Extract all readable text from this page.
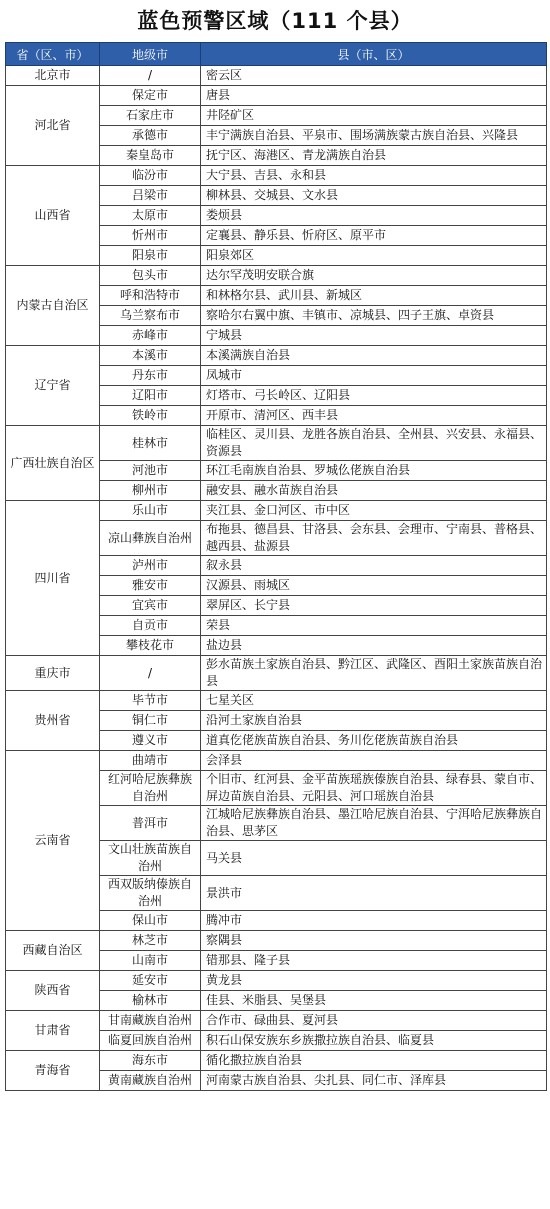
蓝色预警区域（111 个县）
省（区、市）	地级市	县（市、区）
北京市	/	密云区
河北省	保定市	唐县
	石家庄市	井陉矿区
	承德市	丰宁满族自治县、平泉市、围场满族蒙古族自治县、兴隆县
	秦皇岛市	抚宁区、海港区、青龙满族自治县
山西省	临汾市	大宁县、吉县、永和县
	吕梁市	柳林县、交城县、文水县
	太原市	娄烦县
	忻州市	定襄县、静乐县、忻府区、原平市
	阳泉市	阳泉郊区
内蒙古自治区	包头市	达尔罕茂明安联合旗
	呼和浩特市	和林格尔县、武川县、新城区
	乌兰察布市	察哈尔右翼中旗、丰镇市、凉城县、四子王旗、卓资县
	赤峰市	宁城县
辽宁省	本溪市	本溪满族自治县
	丹东市	凤城市
	辽阳市	灯塔市、弓长岭区、辽阳县
	铁岭市	开原市、清河区、西丰县
广西壮族自治区	桂林市	临桂区、灵川县、龙胜各族自治县、全州县、兴安县、永福县、资源县
	河池市	环江毛南族自治县、罗城仫佬族自治县
	柳州市	融安县、融水苗族自治县
四川省	乐山市	夹江县、金口河区、市中区
	凉山彝族自治州	布拖县、德昌县、甘洛县、会东县、会理市、宁南县、普格县、越西县、盐源县
	泸州市	叙永县
	雅安市	汉源县、雨城区
	宜宾市	翠屏区、长宁县
	自贡市	荣县
	攀枝花市	盐边县
重庆市	/	彭水苗族土家族自治县、黔江区、武隆区、酉阳土家族苗族自治县
贵州省	毕节市	七星关区
	铜仁市	沿河土家族自治县
	遵义市	道真仡佬族苗族自治县、务川仡佬族苗族自治县
云南省	曲靖市	会泽县
	红河哈尼族彝族自治州	个旧市、红河县、金平苗族瑶族傣族自治县、绿春县、蒙自市、屏边苗族自治县、元阳县、河口瑶族自治县
	普洱市	江城哈尼族彝族自治县、墨江哈尼族自治县、宁洱哈尼族彝族自治县、思茅区
	文山壮族苗族自治州	马关县
	西双版纳傣族自治州	景洪市
	保山市	腾冲市
西藏自治区	林芝市	察隅县
	山南市	错那县、隆子县
陕西省	延安市	黄龙县
	榆林市	佳县、米脂县、吴堡县
甘肃省	甘南藏族自治州	合作市、碌曲县、夏河县
	临夏回族自治州	积石山保安族东乡族撒拉族自治县、临夏县
青海省	海东市	循化撒拉族自治县
	黄南藏族自治州	河南蒙古族自治县、尖扎县、同仁市、泽库县
